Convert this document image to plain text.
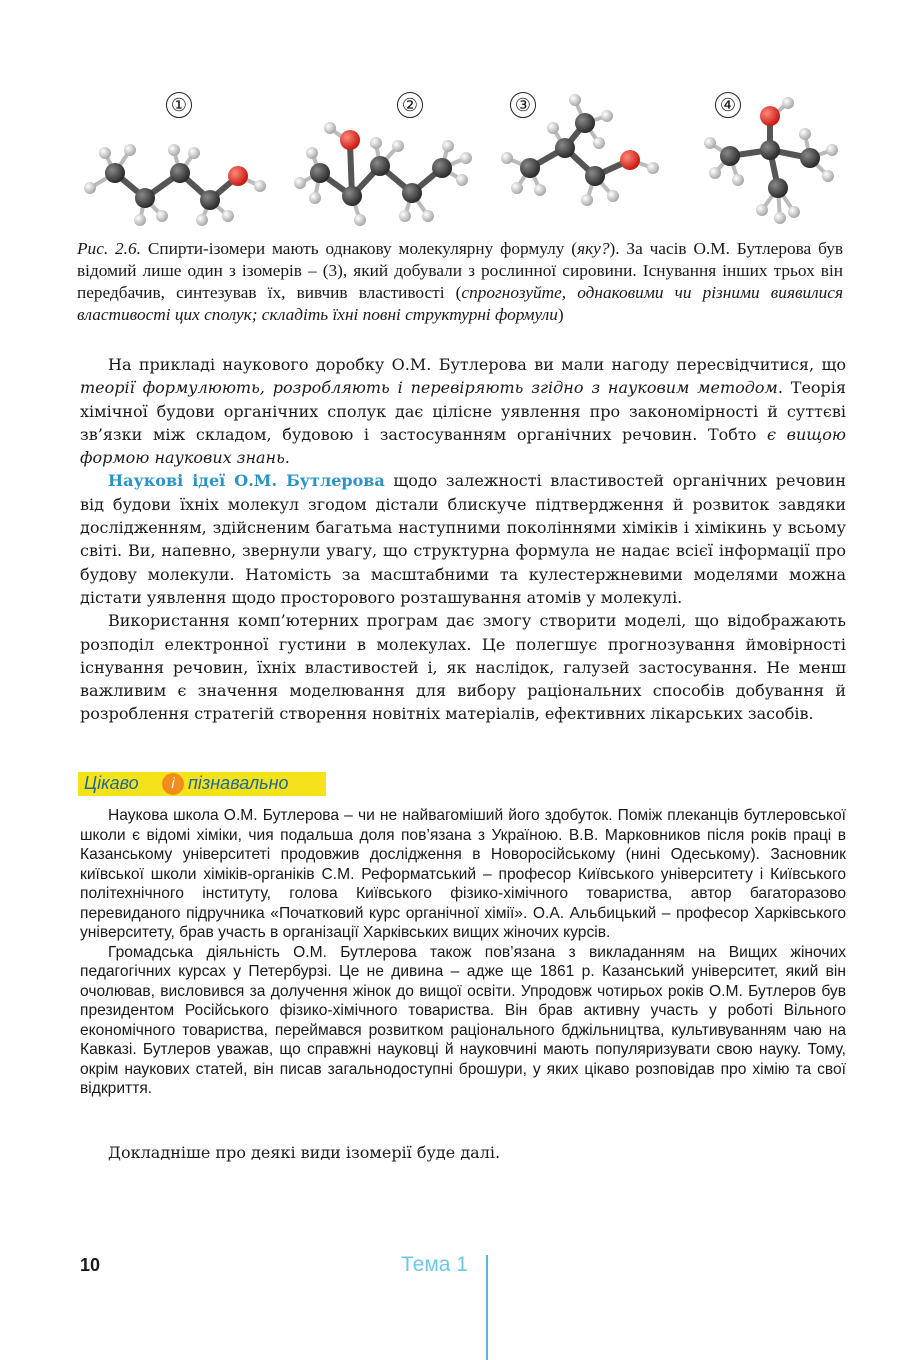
①	②	③	④
Рис. 2.6. Спирти-ізомери мають однакову молекулярну формулу (яку?). За часів О.М. Бутлерова був відомий лише один з ізомерів – (3), який добували з рослинної сировини. Існування інших трьох він передбачив, синтезував їх, вивчив властивості (спрогнозуйте, однаковими чи різними виявилися властивості цих сполук; складіть їхні повні структурні формули)

На прикладі наукового доробку О.М. Бутлерова ви мали нагоду пересвідчитися, що теорії формулюють, розробляють і перевіряють згідно з науковим методом. Теорія хімічної будови органічних сполук дає цілісне уявлення про закономірності й суттєві зв’язки між складом, будовою і застосуванням органічних речовин. Тобто є вищою формою наукових знань.

Наукові ідеї О.М. Бутлерова щодо залежності властивостей органічних речовин від будови їхніх молекул згодом дістали блискуче підтвердження й розвиток завдяки дослідженням, здійсненим багатьма наступними поколіннями хіміків і хімікинь у всьому світі. Ви, напевно, звернули увагу, що структурна формула не надає всієї інформації про будову молекули. Натомість за масштабними та кулестержневими моделями можна дістати уявлення щодо просторового розташування атомів у молекулі.

Використання комп’ютерних програм дає змогу створити моделі, що відображають розподіл електронної густини в молекулах. Це полегшує прогнозування ймовірності існування речовин, їхніх властивостей і, як наслідок, галузей застосування. Не менш важливим є значення моделювання для вибору раціональних способів добування й розроблення стратегій створення новітніх матеріалів, ефективних лікарських засобів.

Цікаво	і пізнавально

Наукова школа О.М. Бутлерова – чи не найвагоміший його здобуток. Поміж плеканців бутлеровської школи є відомі хіміки, чия подальша доля пов’язана з Україною. В.В. Марковников після років праці в Казанському університеті продовжив дослідження в Новоросійському (нині Одеському). Засновник київської школи хіміків-органіків С.М. Реформатський – професор Київського університету і Київського політехнічного інституту, голова Київського фізико-хімічного товариства, автор багаторазово перевиданого підручника «Початковий курс органічної хімії». О.А. Альбицький – професор Харківського університету, брав участь в організації Харківських вищих жіночих курсів.

Громадська діяльність О.М. Бутлерова також пов’язана з викладанням на Вищих жіночих педагогічних курсах у Петербурзі. Це не дивина – адже ще 1861 р. Казанський університет, який він очолював, висловився за долучення жінок до вищої освіти. Упродовж чотирьох років О.М. Бутлеров був президентом Російського фізико-хімічного товариства. Він брав активну участь у роботі Вільного економічного товариства, переймався розвитком раціонального бджільництва, культивуванням чаю на Кавказі. Бутлеров уважав, що справжні науковці й науковчині мають популяризувати свою науку. Тому, окрім наукових статей, він писав загальнодоступні брошури, у яких цікаво розповідав про хімію та свої відкриття.

Докладніше про деякі види ізомерії буде далі.
10	Тема 1
